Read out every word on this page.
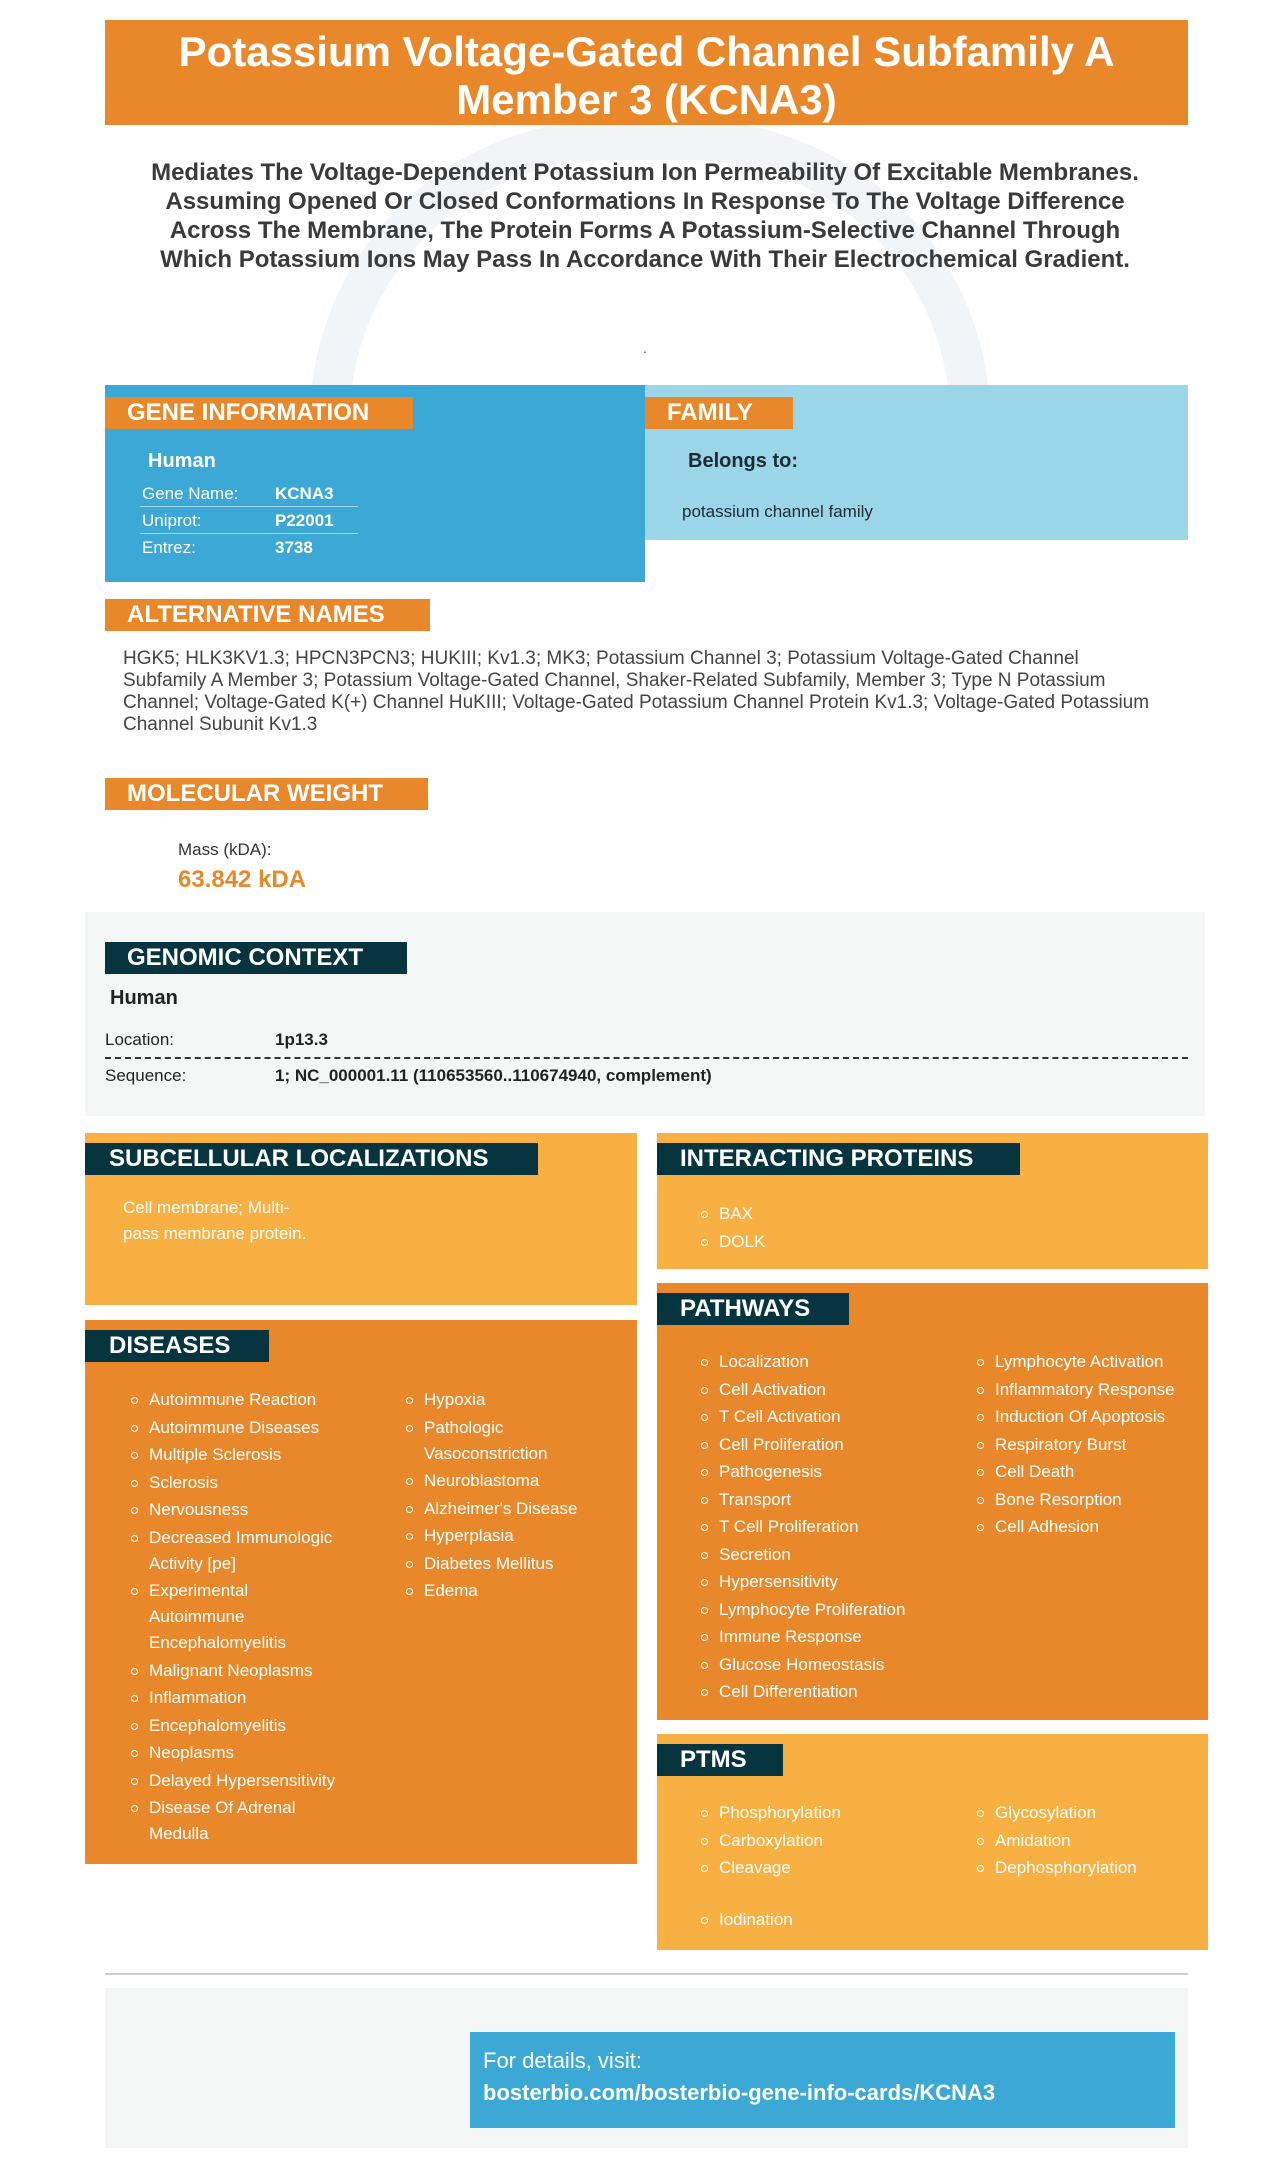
Potassium Voltage-Gated Channel Subfamily A Member 3 (KCNA3)
Mediates The Voltage-Dependent Potassium Ion Permeability Of Excitable Membranes. Assuming Opened Or Closed Conformations In Response To The Voltage Difference Across The Membrane, The Protein Forms A Potassium-Selective Channel Through Which Potassium Ions May Pass In Accordance With Their Electrochemical Gradient.
.
GENE INFORMATION
Human
Gene Name:	KCNA3
Uniprot:	P22001
Entrez:	3738
FAMILY
Belongs to:
potassium channel family
ALTERNATIVE NAMES
HGK5; HLK3KV1.3; HPCN3PCN3; HUKIII; Kv1.3; MK3; Potassium Channel 3; Potassium Voltage-Gated Channel Subfamily A Member 3; Potassium Voltage-Gated Channel, Shaker-Related Subfamily, Member 3; Type N Potassium Channel; Voltage-Gated K(+) Channel HuKIII; Voltage-Gated Potassium Channel Protein Kv1.3; Voltage-Gated Potassium Channel Subunit Kv1.3
MOLECULAR WEIGHT
Mass (kDA):
63.842 kDA
GENOMIC CONTEXT
Human
Location:	1p13.3
Sequence:	1; NC_000001.11 (110653560..110674940, complement)
SUBCELLULAR LOCALIZATIONS
Cell membrane; Multi-
pass membrane protein.
INTERACTING PROTEINS
BAX
DOLK
DISEASES
Autoimmune Reaction
Autoimmune Diseases
Multiple Sclerosis
Sclerosis
Nervousness
Decreased Immunologic Activity [pe]
Experimental Autoimmune Encephalomyelitis
Malignant Neoplasms
Inflammation
Encephalomyelitis
Neoplasms
Delayed Hypersensitivity
Disease Of Adrenal Medulla
Hypoxia
Pathologic Vasoconstriction
Neuroblastoma
Alzheimer's Disease
Hyperplasia
Diabetes Mellitus
Edema
PATHWAYS
Localization
Cell Activation
T Cell Activation
Cell Proliferation
Pathogenesis
Transport
T Cell Proliferation
Secretion
Hypersensitivity
Lymphocyte Proliferation
Immune Response
Glucose Homeostasis
Cell Differentiation
Lymphocyte Activation
Inflammatory Response
Induction Of Apoptosis
Respiratory Burst
Cell Death
Bone Resorption
Cell Adhesion
PTMS
Phosphorylation
Carboxylation
Cleavage
Glycosylation
Amidation
Dephosphorylation
Iodination
For details, visit:
bosterbio.com/bosterbio-gene-info-cards/KCNA3
